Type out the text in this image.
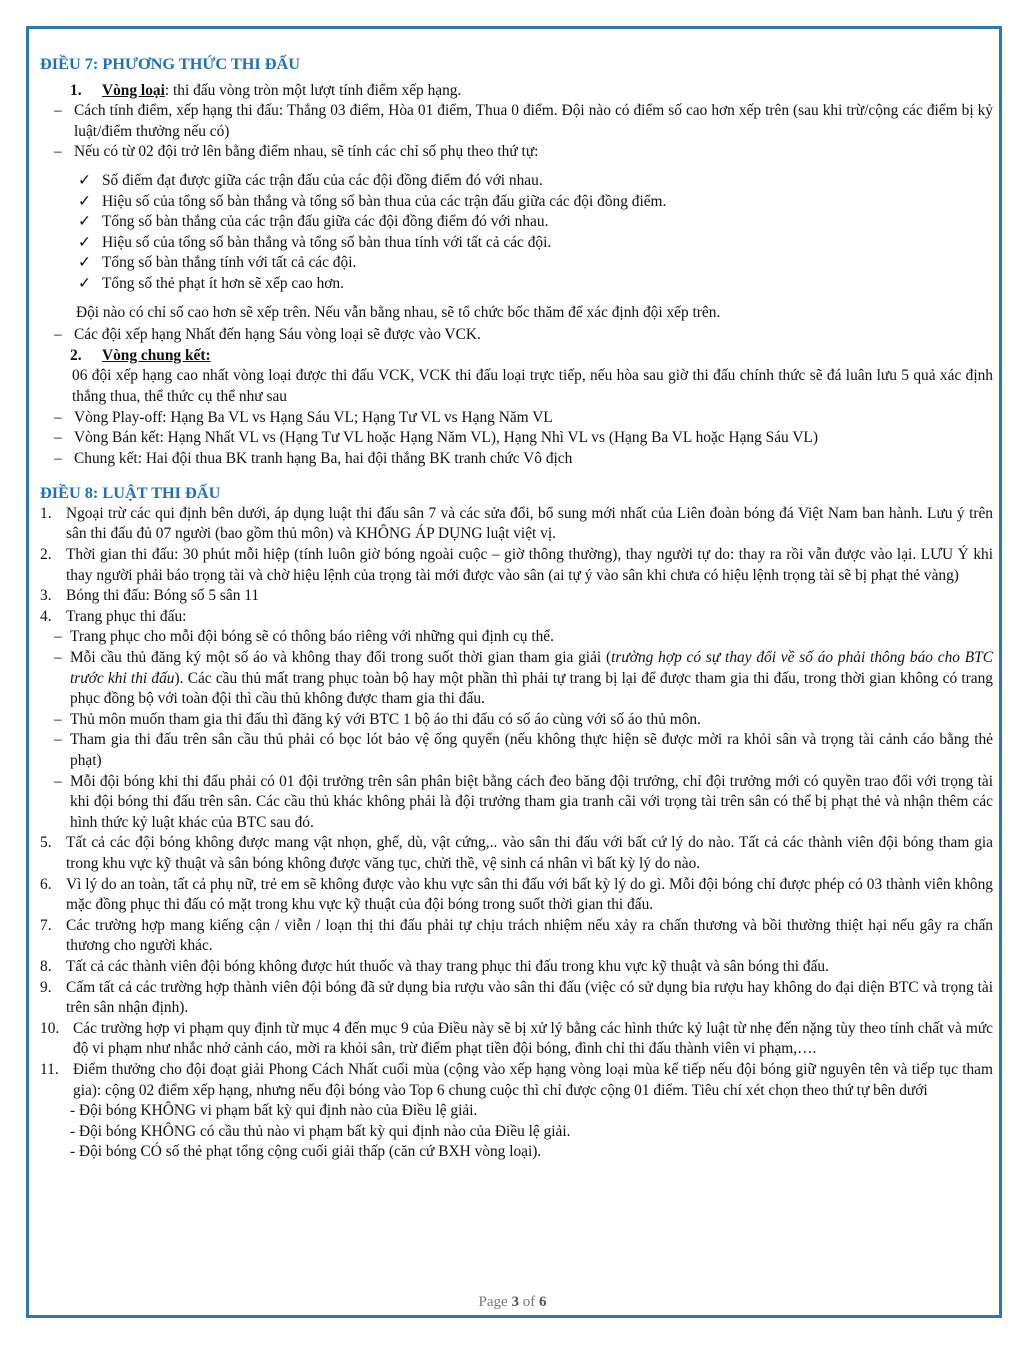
ĐIỀU 7: PHƯƠNG THỨC THI ĐẤU
1.	Vòng loại: thi đấu vòng tròn một lượt tính điểm xếp hạng.
– Cách tính điểm, xếp hạng thi đấu: Thắng 03 điểm, Hòa 01 điểm, Thua 0 điểm. Đội nào có điểm số cao hơn xếp trên (sau khi trừ/cộng các điểm bị kỷ luật/điểm thưởng nếu có)
– Nếu có từ 02 đội trở lên bằng điểm nhau, sẽ tính các chỉ số phụ theo thứ tự:
✓ Số điểm đạt được giữa các trận đấu của các đội đồng điểm đó với nhau.
✓ Hiệu số của tổng số bàn thắng và tổng số bàn thua của các trận đấu giữa các đội đồng điểm.
✓ Tổng số bàn thắng của các trận đấu giữa các đội đồng điểm đó với nhau.
✓ Hiệu số của tổng số bàn thắng và tổng số bàn thua tính với tất cả các đội.
✓ Tổng số bàn thắng tính với tất cả các đội.
✓ Tổng số thẻ phạt ít hơn sẽ xếp cao hơn.
Đội nào có chỉ số cao hơn sẽ xếp trên. Nếu vẫn bằng nhau, sẽ tổ chức bốc thăm để xác định đội xếp trên.
– Các đội xếp hạng Nhất đến hạng Sáu vòng loại sẽ được vào VCK.
2.	Vòng chung kết:
06 đội xếp hạng cao nhất vòng loại được thi đấu VCK, VCK thi đấu loại trực tiếp, nếu hòa sau giờ thi đấu chính thức sẽ đá luân lưu 5 quả xác định thắng thua, thể thức cụ thể như sau
– Vòng Play-off: Hạng Ba VL vs Hạng Sáu VL; Hạng Tư VL vs Hạng Năm VL
– Vòng Bán kết: Hạng Nhất VL vs (Hạng Tư VL hoặc Hạng Năm VL), Hạng Nhì VL vs (Hạng Ba VL hoặc Hạng Sáu VL)
– Chung kết: Hai đội thua BK tranh hạng Ba, hai đội thắng BK tranh chức Vô địch
ĐIỀU 8: LUẬT THI ĐẤU
1. Ngoại trừ các qui định bên dưới, áp dụng luật thi đấu sân 7 và các sửa đổi, bổ sung mới nhất của Liên đoàn bóng đá Việt Nam ban hành. Lưu ý trên sân thi đấu đủ 07 người (bao gồm thủ môn) và KHÔNG ÁP DỤNG luật việt vị.
2. Thời gian thi đấu: 30 phút mỗi hiệp (tính luôn giờ bóng ngoài cuộc – giờ thông thường), thay người tự do: thay ra rồi vẫn được vào lại. LƯU Ý khi thay người phải báo trọng tài và chờ hiệu lệnh của trọng tài mới được vào sân (ai tự ý vào sân khi chưa có hiệu lệnh trọng tài sẽ bị phạt thẻ vàng)
3. Bóng thi đấu: Bóng số 5 sân 11
4. Trang phục thi đấu:
– Trang phục cho mỗi đội bóng sẽ có thông báo riêng với những qui định cụ thể.
– Mỗi cầu thủ đăng ký một số áo và không thay đổi trong suốt thời gian tham gia giải (trường hợp có sự thay đổi về số áo phải thông báo cho BTC trước khi thi đấu). Các cầu thủ mất trang phục toàn bộ hay một phần thì phải tự trang bị lại để được tham gia thi đấu, trong thời gian không có trang phục đồng bộ với toàn đội thì cầu thủ không được tham gia thi đấu.
– Thủ môn muốn tham gia thi đấu thì đăng ký với BTC 1 bộ áo thi đấu có số áo cùng với số áo thủ môn.
– Tham gia thi đấu trên sân cầu thủ phải có bọc lót bảo vệ ống quyển (nếu không thực hiện sẽ được mời ra khỏi sân và trọng tài cảnh cáo bằng thẻ phạt)
– Mỗi đội bóng khi thi đấu phải có 01 đội trưởng trên sân phân biệt bằng cách đeo băng đội trưởng, chỉ đội trưởng mới có quyền trao đổi với trọng tài khi đội bóng thi đấu trên sân. Các cầu thủ khác không phải là đội trưởng tham gia tranh cãi với trọng tài trên sân có thể bị phạt thẻ và nhận thêm các hình thức kỷ luật khác của BTC sau đó.
5. Tất cả các đội bóng không được mang vật nhọn, ghế, dù, vật cứng,.. vào sân thi đấu với bất cứ lý do nào. Tất cả các thành viên đội bóng tham gia trong khu vực kỹ thuật và sân bóng không được văng tục, chửi thề, vệ sinh cá nhân vì bất kỳ lý do nào.
6. Vì lý do an toàn, tất cả phụ nữ, trẻ em sẽ không được vào khu vực sân thi đấu với bất kỳ lý do gì. Mỗi đội bóng chỉ được phép có 03 thành viên không mặc đồng phục thi đấu có mặt trong khu vực kỹ thuật của đội bóng trong suốt thời gian thi đấu.
7. Các trường hợp mang kiếng cận / viễn / loạn thị thi đấu phải tự chịu trách nhiệm nếu xảy ra chấn thương và bồi thường thiệt hại nếu gây ra chấn thương cho người khác.
8. Tất cả các thành viên đội bóng không được hút thuốc và thay trang phục thi đấu trong khu vực kỹ thuật và sân bóng thi đấu.
9. Cấm tất cả các trường hợp thành viên đội bóng đã sử dụng bia rượu vào sân thi đấu (việc có sử dụng bia rượu hay không do đại diện BTC và trọng tài trên sân nhận định).
10. Các trường hợp vi phạm quy định từ mục 4 đến mục 9 của Điều này sẽ bị xử lý bằng các hình thức kỷ luật từ nhẹ đến nặng tùy theo tính chất và mức độ vi phạm như nhắc nhở cảnh cáo, mời ra khỏi sân, trừ điểm phạt tiền đội bóng, đình chỉ thi đấu thành viên vi phạm,….
11. Điểm thưởng cho đội đoạt giải Phong Cách Nhất cuối mùa (cộng vào xếp hạng vòng loại mùa kế tiếp nếu đội bóng giữ nguyên tên và tiếp tục tham gia): cộng 02 điểm xếp hạng, nhưng nếu đội bóng vào Top 6 chung cuộc thì chỉ được cộng 01 điểm. Tiêu chí xét chọn theo thứ tự bên dưới
- Đội bóng KHÔNG vi phạm bất kỳ qui định nào của Điều lệ giải.
- Đội bóng KHÔNG có cầu thủ nào vi phạm bất kỳ qui định nào của Điều lệ giải.
- Đội bóng CÓ số thẻ phạt tổng cộng cuối giải thấp (căn cứ BXH vòng loại).
Page 3 of 6
